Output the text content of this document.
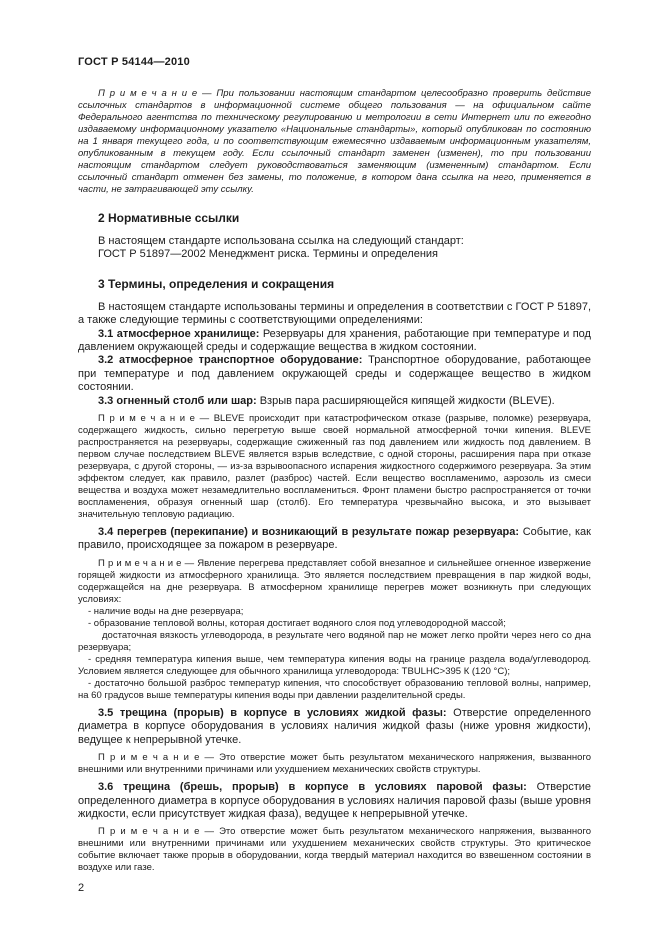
ГОСТ Р 54144—2010

П р и м е ч а н и е — При пользовании настоящим стандартом целесообразно проверить действие ссылочных стандартов в информационной системе общего пользования — на официальном сайте Федерального агентства по техническому регулированию и метрологии в сети Интернет или по ежегодно издаваемому информационному указателю «Национальные стандарты», который опубликован по состоянию на 1 января текущего года, и по соответствующим ежемесячно издаваемым информационным указателям, опубликованным в текущем году. Если ссылочный стандарт заменен (изменен), то при пользовании настоящим стандартом следует руководствоваться заменяющим (измененным) стандартом. Если ссылочный стандарт отменен без замены, то положение, в котором дана ссылка на него, применяется в части, не затрагивающей эту ссылку.

2 Нормативные ссылки

В настоящем стандарте использована ссылка на следующий стандарт:

ГОСТ Р 51897—2002 Менеджмент риска. Термины и определения

3 Термины, определения и сокращения

В настоящем стандарте использованы термины и определения в соответствии с ГОСТ Р 51897, а также следующие термины с соответствующими определениями:

3.1 атмосферное хранилище: Резервуары для хранения, работающие при температуре и под давлением окружающей среды и содержащие вещества в жидком состоянии.

3.2 атмосферное транспортное оборудование: Транспортное оборудование, работающее при температуре и под давлением окружающей среды и содержащее вещество в жидком состоянии.

3.3 огненный столб или шар: Взрыв пара расширяющейся кипящей жидкости (BLEVE).

П р и м е ч а н и е — BLEVE происходит при катастрофическом отказе (разрыве, поломке) резервуара, содержащего жидкость, сильно перегретую выше своей нормальной атмосферной точки кипения. BLEVE распространяется на резервуары, содержащие сжиженный газ под давлением или жидкость под давлением. В первом случае последствием BLEVE является взрыв вследствие, с одной стороны, расширения пара при отказе резервуара, с другой стороны, — из-за взрывоопасного испарения жидкостного содержимого резервуара. За этим эффектом следует, как правило, разлет (разброс) частей. Если вещество воспламенимо, аэрозоль из смеси вещества и воздуха может незамедлительно воспламениться. Фронт пламени быстро распространяется от точки воспламенения, образуя огненный шар (столб). Его температура чрезвычайно высока, и это вызывает значительную тепловую радиацию.

3.4 перегрев (перекипание) и возникающий в результате пожар резервуара: Событие, как правило, происходящее за пожаром в резервуаре.

П р и м е ч а н и е — Явление перегрева представляет собой внезапное и сильнейшее огненное извержение горящей жидкости из атмосферного хранилища. Это является последствием превращения в пар жидкой воды, содержащейся на дне резервуара. В атмосферном хранилище перегрев может возникнуть при следующих условиях:

- наличие воды на дне резервуара;

- образование тепловой волны, которая достигает водяного слоя под углеводородной массой;

достаточная вязкость углеводорода, в результате чего водяной пар не может легко пройти через него со дна резервуара;

- средняя температура кипения выше, чем температура кипения воды на границе раздела вода/углеводород. Условием является следующее для обычного хранилища углеводорода: TBULHC>395 К (120 °C);

- достаточно большой разброс температур кипения, что способствует образованию тепловой волны, например, на 60 градусов выше температуры кипения воды при давлении разделительной среды.

3.5 трещина (прорыв) в корпусе в условиях жидкой фазы: Отверстие определенного диаметра в корпусе оборудования в условиях наличия жидкой фазы (ниже уровня жидкости), ведущее к непрерывной утечке.

П р и м е ч а н и е — Это отверстие может быть результатом механического напряжения, вызванного внешними или внутренними причинами или ухудшением механических свойств структуры.

3.6 трещина (брешь, прорыв) в корпусе в условиях паровой фазы: Отверстие определенного диаметра в корпусе оборудования в условиях наличия паровой фазы (выше уровня жидкости, если присутствует жидкая фаза), ведущее к непрерывной утечке.

П р и м е ч а н и е — Это отверстие может быть результатом механического напряжения, вызванного внешними или внутренними причинами или ухудшением механических свойств структуры. Это критическое событие включает также прорыв в оборудовании, когда твердый материал находится во взвешенном состоянии в воздухе или газе.

2
